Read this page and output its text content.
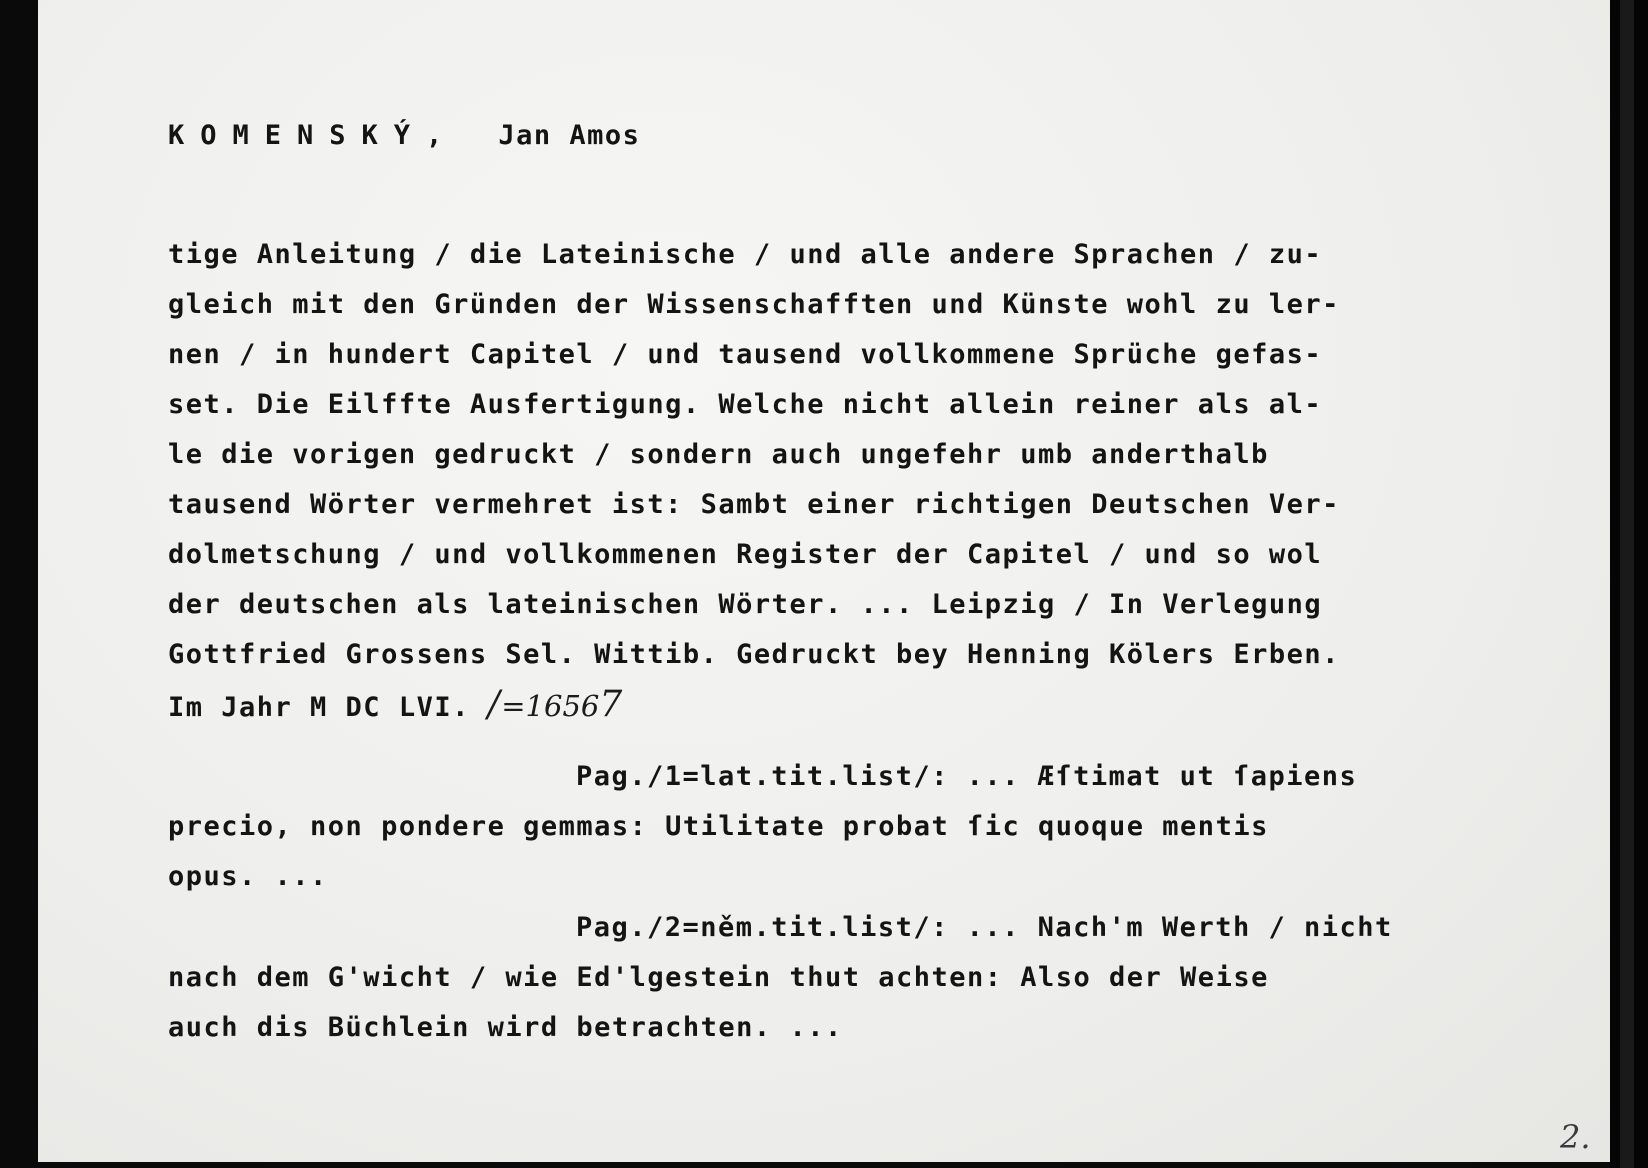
KOMENSKÝ, Jan Amos

tige Anleitung / die Lateinische / und alle andere Sprachen / zu-
gleich mit den Gründen der Wissenschafften und Künste wohl zu ler-
nen / in hundert Capitel / und tausend vollkommene Sprüche gefas-
set. Die Eilffte Ausfertigung. Welche nicht allein reiner als al-
le die vorigen gedruckt / sondern auch ungefehr umb anderthalb
tausend Wörter vermehret ist: Sambt einer richtigen Deutschen Ver-
dolmetschung / und vollkommenen Register der Capitel / und so wol
der deutschen als lateinischen Wörter. ... Leipzig / In Verlegung
Gottfried Grossens Sel. Wittib. Gedruckt bey Henning Kölers Erben.
Im Jahr M DC LVI. /=16567

Pag./1=lat.tit.list/: ... Æſtimat ut ſapiens
precio, non pondere gemmas: Utilitate probat ſic quoque mentis
opus. ...

Pag./2=něm.tit.list/: ... Nach'm Werth / nicht
nach dem G'wicht / wie Ed'lgestein thut achten: Also der Weise
auch dis Büchlein wird betrachten. ...

2.
